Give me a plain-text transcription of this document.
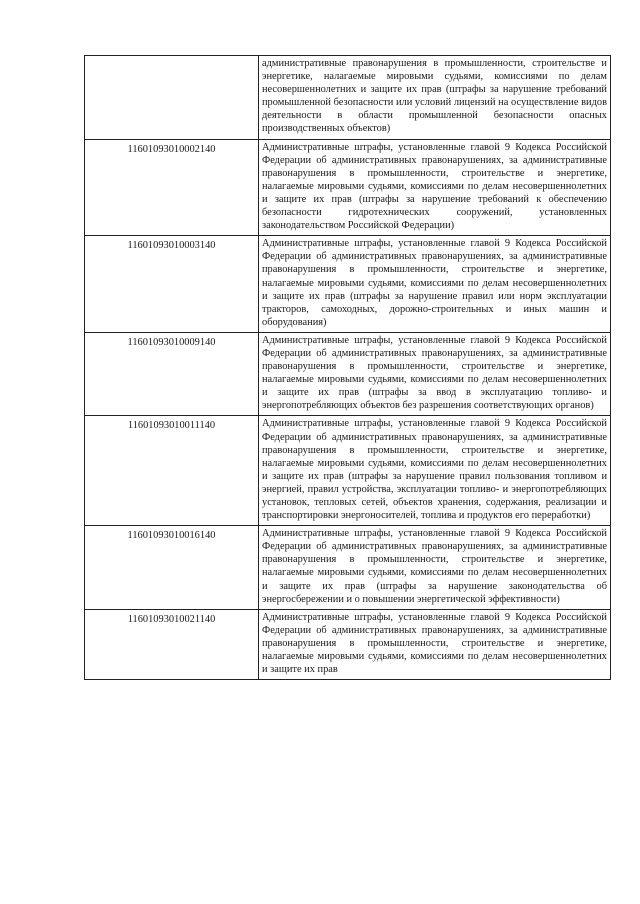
	административные правонарушения в промышленности, строительстве и энергетике, налагаемые мировыми судьями, комиссиями по делам несовершеннолетних и защите их прав (штрафы за нарушение требований промышленной безопасности или условий лицензий на осуществление видов деятельности в области промышленной безопасности опасных производственных объектов)
11601093010002140	Административные штрафы, установленные главой 9 Кодекса Российской Федерации об административных правонарушениях, за административные правонарушения в промышленности, строительстве и энергетике, налагаемые мировыми судьями, комиссиями по делам несовершеннолетних и защите их прав (штрафы за нарушение требований к обеспечению безопасности гидротехнических сооружений, установленных законодательством Российской Федерации)
11601093010003140	Административные штрафы, установленные главой 9 Кодекса Российской Федерации об административных правонарушениях, за административные правонарушения в промышленности, строительстве и энергетике, налагаемые мировыми судьями, комиссиями по делам несовершеннолетних и защите их прав (штрафы за нарушение правил или норм эксплуатации тракторов, самоходных, дорожно-строительных и иных машин и оборудования)
11601093010009140	Административные штрафы, установленные главой 9 Кодекса Российской Федерации об административных правонарушениях, за административные правонарушения в промышленности, строительстве и энергетике, налагаемые мировыми судьями, комиссиями по делам несовершеннолетних и защите их прав (штрафы за ввод в эксплуатацию топливо- и энергопотребляющих объектов без разрешения соответствующих органов)
11601093010011140	Административные штрафы, установленные главой 9 Кодекса Российской Федерации об административных правонарушениях, за административные правонарушения в промышленности, строительстве и энергетике, налагаемые мировыми судьями, комиссиями по делам несовершеннолетних и защите их прав (штрафы за нарушение правил пользования топливом и энергией, правил устройства, эксплуатации топливо- и энергопотребляющих установок, тепловых сетей, объектов хранения, содержания, реализации и транспортировки энергоносителей, топлива и продуктов его переработки)
11601093010016140	Административные штрафы, установленные главой 9 Кодекса Российской Федерации об административных правонарушениях, за административные правонарушения в промышленности, строительстве и энергетике, налагаемые мировыми судьями, комиссиями по делам несовершеннолетних и защите их прав (штрафы за нарушение законодательства об энергосбережении и о повышении энергетической эффективности)
11601093010021140	Административные штрафы, установленные главой 9 Кодекса Российской Федерации об административных правонарушениях, за административные правонарушения в промышленности, строительстве и энергетике, налагаемые мировыми судьями, комиссиями по делам несовершеннолетних и защите их прав
